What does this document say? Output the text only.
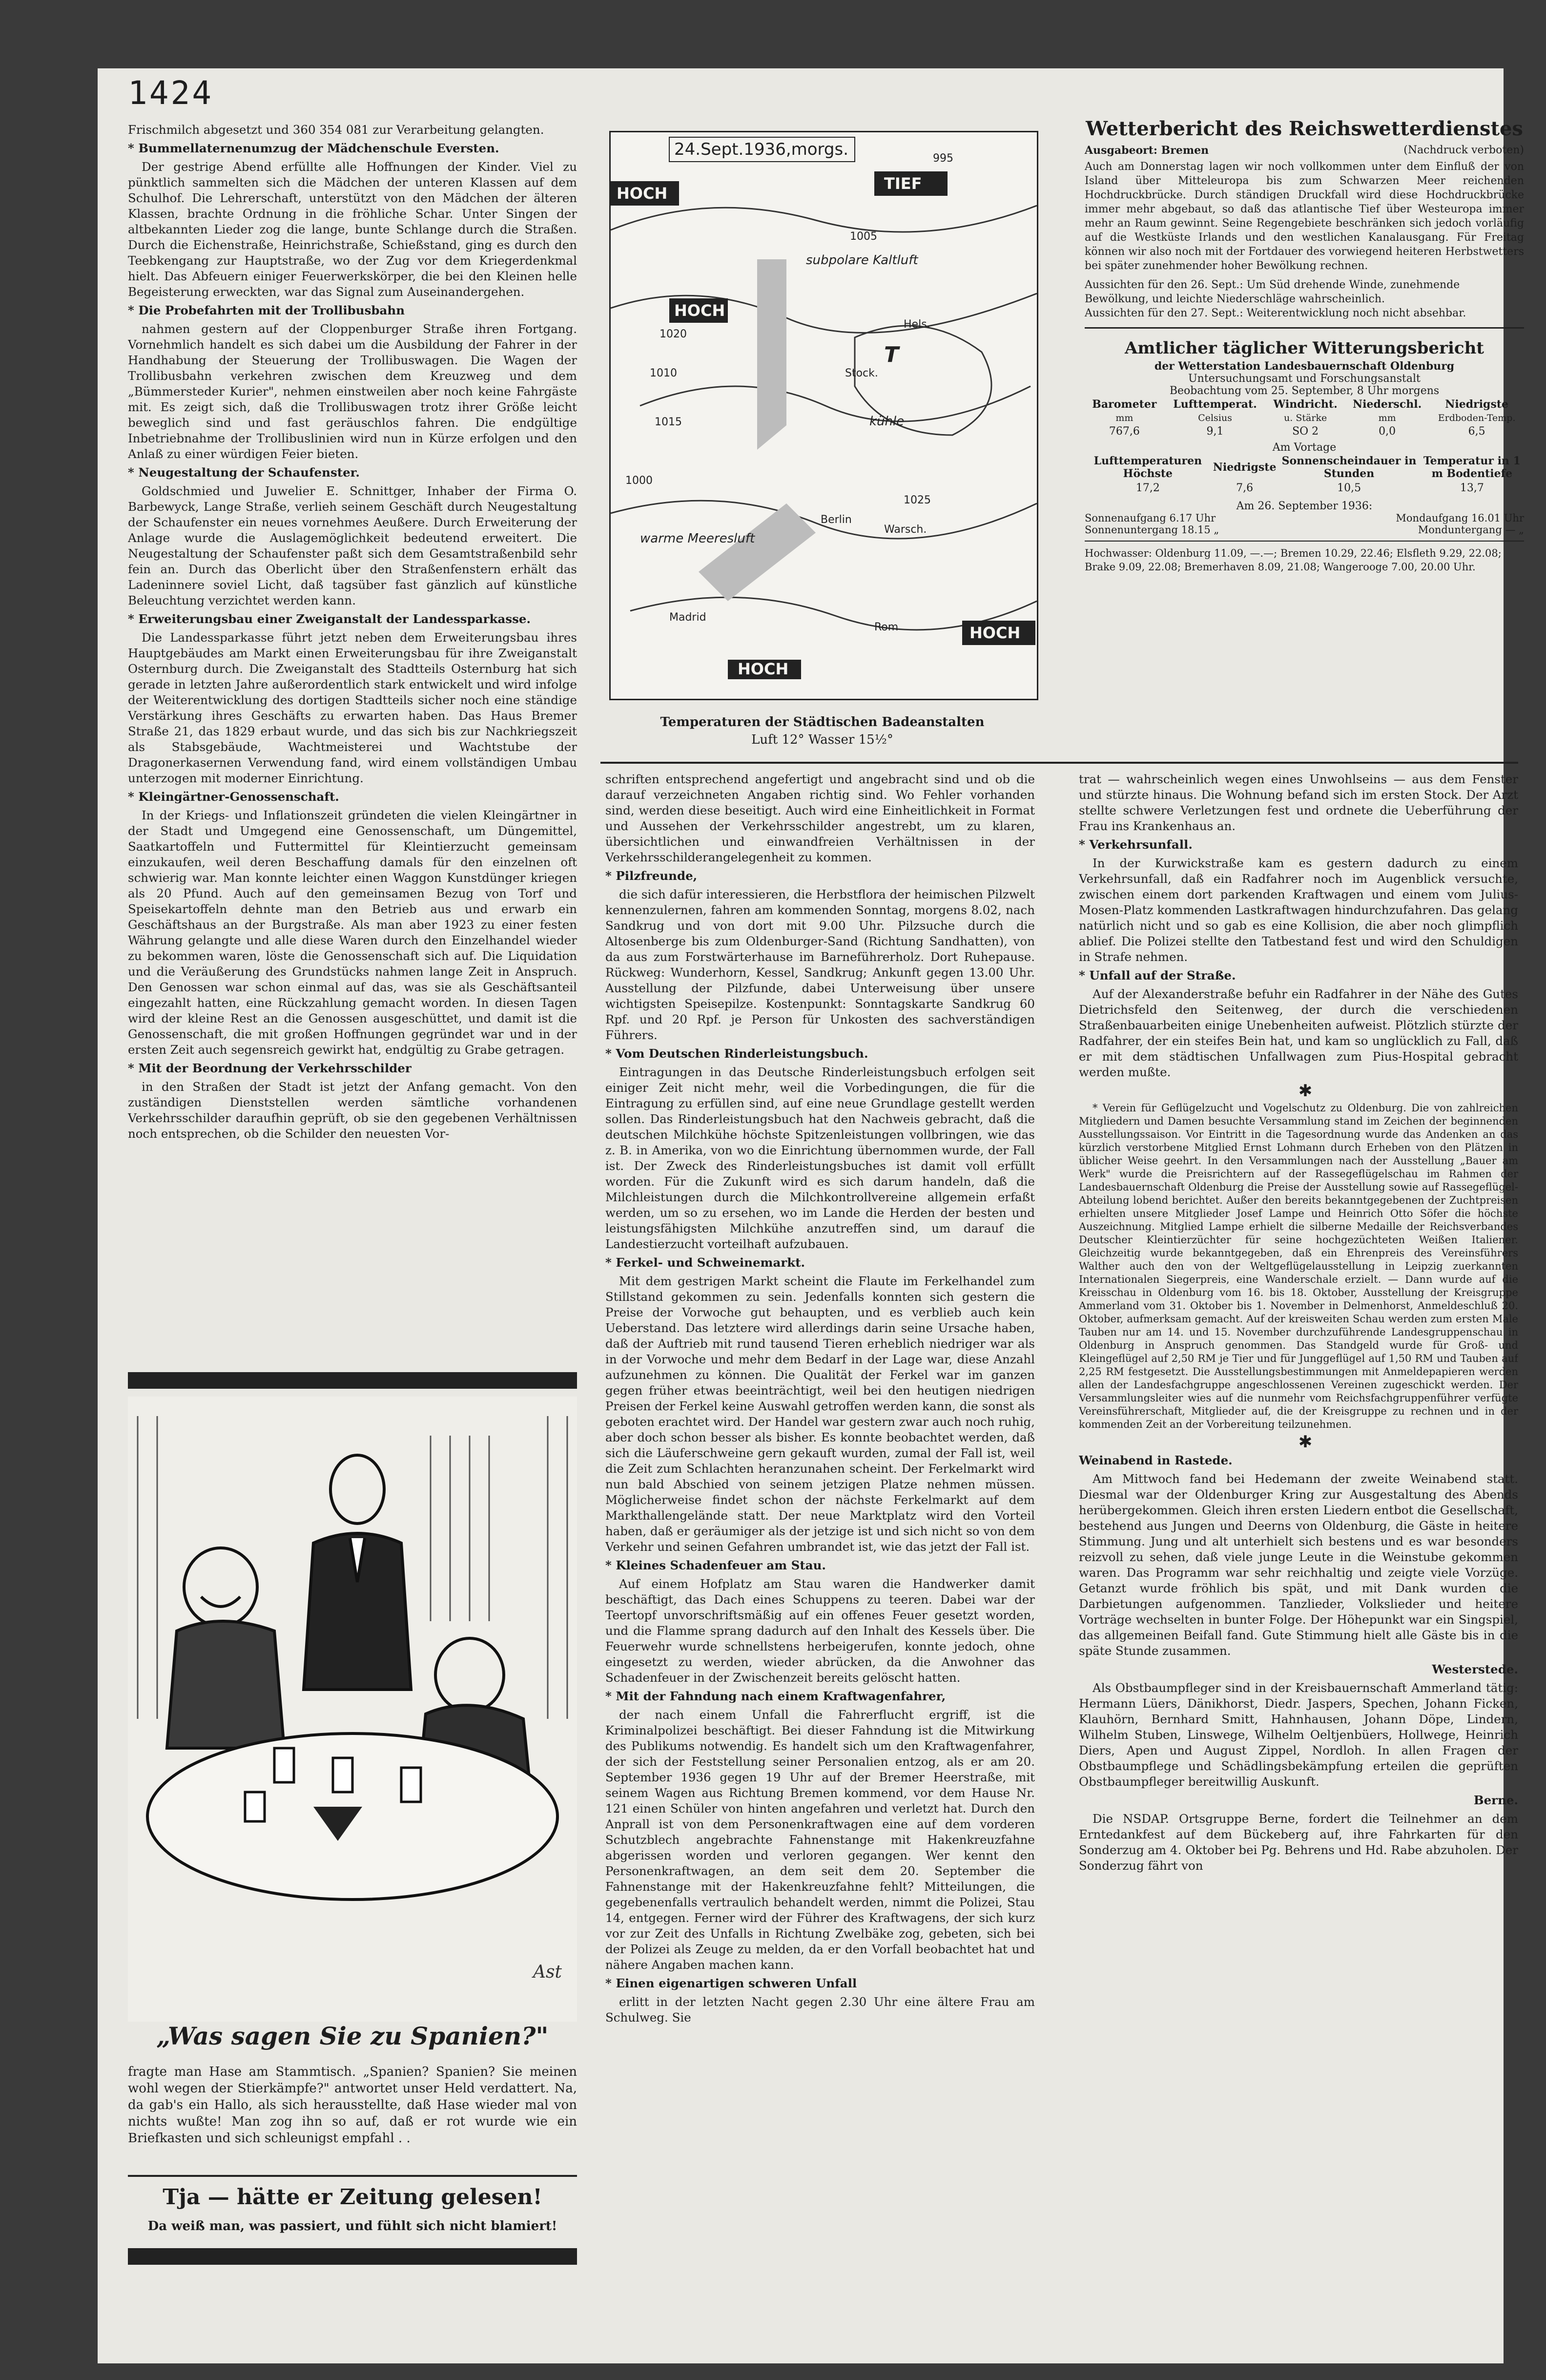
1424

Frischmilch abgesetzt und 360 354 081 zur Verarbeitung gelangten.

* Bummellaternenumzug der Mädchenschule Eversten.

Der gestrige Abend erfüllte alle Hoffnungen der Kinder. Viel zu pünktlich sammelten sich die Mädchen der unteren Klassen auf dem Schulhof. Die Lehrerschaft, unterstützt von den Mädchen der älteren Klassen, brachte Ordnung in die fröhliche Schar. Unter Singen der altbekannten Lieder zog die lange, bunte Schlange durch die Straßen. Durch die Eichenstraße, Heinrichstraße, Schießstand, ging es durch den Teebkengang zur Hauptstraße, wo der Zug vor dem Kriegerdenkmal hielt. Das Abfeuern einiger Feuerwerkskörper, die bei den Kleinen helle Begeisterung erweckten, war das Signal zum Auseinandergehen.

* Die Probefahrten mit der Trollibusbahn

nahmen gestern auf der Cloppenburger Straße ihren Fortgang. Vornehmlich handelt es sich dabei um die Ausbildung der Fahrer in der Handhabung der Steuerung der Trollibuswagen. Die Wagen der Trollibusbahn verkehren zwischen dem Kreuzweg und dem „Bümmersteder Kurier", nehmen einstweilen aber noch keine Fahrgäste mit. Es zeigt sich, daß die Trollibuswagen trotz ihrer Größe leicht beweglich sind und fast geräuschlos fahren. Die endgültige Inbetriebnahme der Trollibuslinien wird nun in Kürze erfolgen und den Anlaß zu einer würdigen Feier bieten.

* Neugestaltung der Schaufenster.

Goldschmied und Juwelier E. Schnittger, Inhaber der Firma O. Barbewyck, Lange Straße, verlieh seinem Geschäft durch Neugestaltung der Schaufenster ein neues vornehmes Aeußere. Durch Erweiterung der Anlage wurde die Auslagemöglichkeit bedeutend erweitert. Die Neugestaltung der Schaufenster paßt sich dem Gesamtstraßenbild sehr fein an. Durch das Oberlicht über den Straßenfenstern erhält das Ladeninnere soviel Licht, daß tagsüber fast gänzlich auf künstliche Beleuchtung verzichtet werden kann.

* Erweiterungsbau einer Zweiganstalt der Landessparkasse.

Die Landessparkasse führt jetzt neben dem Erweiterungsbau ihres Hauptgebäudes am Markt einen Erweiterungsbau für ihre Zweiganstalt Osternburg durch. Die Zweiganstalt des Stadtteils Osternburg hat sich gerade in letzten Jahre außerordentlich stark entwickelt und wird infolge der Weiterentwicklung des dortigen Stadtteils sicher noch eine ständige Verstärkung ihres Geschäfts zu erwarten haben. Das Haus Bremer Straße 21, das 1829 erbaut wurde, und das sich bis zur Nachkriegszeit als Stabsgebäude, Wachtmeisterei und Wachtstube der Dragonerkasernen Verwendung fand, wird einem vollständigen Umbau unterzogen mit moderner Einrichtung.

* Kleingärtner-Genossenschaft.

In der Kriegs- und Inflationszeit gründeten die vielen Kleingärtner in der Stadt und Umgegend eine Genossenschaft, um Düngemittel, Saatkartoffeln und Futtermittel für Kleintierzucht gemeinsam einzukaufen, weil deren Beschaffung damals für den einzelnen oft schwierig war. Man konnte leichter einen Waggon Kunstdünger kriegen als 20 Pfund. Auch auf den gemeinsamen Bezug von Torf und Speisekartoffeln dehnte man den Betrieb aus und erwarb ein Geschäftshaus an der Burgstraße. Als man aber 1923 zu einer festen Währung gelangte und alle diese Waren durch den Einzelhandel wieder zu bekommen waren, löste die Genossenschaft sich auf. Die Liquidation und die Veräußerung des Grundstücks nahmen lange Zeit in Anspruch. Den Genossen war schon einmal auf das, was sie als Geschäftsanteil eingezahlt hatten, eine Rückzahlung gemacht worden. In diesen Tagen wird der kleine Rest an die Genossen ausgeschüttet, und damit ist die Genossenschaft, die mit großen Hoffnungen gegründet war und in der ersten Zeit auch segensreich gewirkt hat, endgültig zu Grabe getragen.

* Mit der Beordnung der Verkehrsschilder

in den Straßen der Stadt ist jetzt der Anfang gemacht. Von den zuständigen Dienststellen werden sämtliche vorhandenen Verkehrsschilder daraufhin geprüft, ob sie den gegebenen Verhältnissen noch entsprechen, ob die Schilder den neuesten Vor-

Ast
„Was sagen Sie zu Spanien?"
fragte man Hase am Stammtisch. „Spanien? Spanien? Sie meinen wohl wegen der Stierkämpfe?" antwortet unser Held verdattert. Na, da gab's ein Hallo, als sich herausstellte, daß Hase wieder mal von nichts wußte! Man zog ihn so auf, daß er rot wurde wie ein Briefkasten und sich schleunigst empfahl . .
Tja — hätte er Zeitung gelesen!
Da weiß man, was passiert, und fühlt sich nicht blamiert!
HOCH
TIEF
HOCH
HOCH
HOCH
subpolare Kaltluft
T
kühle
warme Meeresluft
1005
1010
1015
1020
1025
995
1000
Berlin
Madrid
Rom
Warsch.
Hels.
Stock.
24.Sept.1936,morgs.
Temperaturen der Städtischen Badeanstalten
Luft 12° Wasser 15½°

schriften entsprechend angefertigt und angebracht sind und ob die darauf verzeichneten Angaben richtig sind. Wo Fehler vorhanden sind, werden diese beseitigt. Auch wird eine Einheitlichkeit in Format und Aussehen der Verkehrsschilder angestrebt, um zu klaren, übersichtlichen und einwandfreien Verhältnissen in der Verkehrsschilderangelegenheit zu kommen.

* Pilzfreunde,

die sich dafür interessieren, die Herbstflora der heimischen Pilzwelt kennenzulernen, fahren am kommenden Sonntag, morgens 8.02, nach Sandkrug und von dort mit 9.00 Uhr. Pilzsuche durch die Altosenberge bis zum Oldenburger-Sand (Richtung Sandhatten), von da aus zum Forstwärterhause im Barneführerholz. Dort Ruhepause. Rückweg: Wunderhorn, Kessel, Sandkrug; Ankunft gegen 13.00 Uhr. Ausstellung der Pilzfunde, dabei Unterweisung über unsere wichtigsten Speisepilze. Kostenpunkt: Sonntagskarte Sandkrug 60 Rpf. und 20 Rpf. je Person für Unkosten des sachverständigen Führers.

* Vom Deutschen Rinderleistungsbuch.

Eintragungen in das Deutsche Rinderleistungsbuch erfolgen seit einiger Zeit nicht mehr, weil die Vorbedingungen, die für die Eintragung zu erfüllen sind, auf eine neue Grundlage gestellt werden sollen. Das Rinderleistungsbuch hat den Nachweis gebracht, daß die deutschen Milchkühe höchste Spitzenleistungen vollbringen, wie das z. B. in Amerika, von wo die Einrichtung übernommen wurde, der Fall ist. Der Zweck des Rinderleistungsbuches ist damit voll erfüllt worden. Für die Zukunft wird es sich darum handeln, daß die Milchleistungen durch die Milchkontrollvereine allgemein erfaßt werden, um so zu ersehen, wo im Lande die Herden der besten und leistungsfähigsten Milchkühe anzutreffen sind, um darauf die Landestierzucht vorteilhaft aufzubauen.

* Ferkel- und Schweinemarkt.

Mit dem gestrigen Markt scheint die Flaute im Ferkelhandel zum Stillstand gekommen zu sein. Jedenfalls konnten sich gestern die Preise der Vorwoche gut behaupten, und es verblieb auch kein Ueberstand. Das letztere wird allerdings darin seine Ursache haben, daß der Auftrieb mit rund tausend Tieren erheblich niedriger war als in der Vorwoche und mehr dem Bedarf in der Lage war, diese Anzahl aufzunehmen zu können. Die Qualität der Ferkel war im ganzen gegen früher etwas beeinträchtigt, weil bei den heutigen niedrigen Preisen der Ferkel keine Auswahl getroffen werden kann, die sonst als geboten erachtet wird. Der Handel war gestern zwar auch noch ruhig, aber doch schon besser als bisher. Es konnte beobachtet werden, daß sich die Läuferschweine gern gekauft wurden, zumal der Fall ist, weil die Zeit zum Schlachten heranzunahen scheint. Der Ferkelmarkt wird nun bald Abschied von seinem jetzigen Platze nehmen müssen. Möglicherweise findet schon der nächste Ferkelmarkt auf dem Markthallengelände statt. Der neue Marktplatz wird den Vorteil haben, daß er geräumiger als der jetzige ist und sich nicht so von dem Verkehr und seinen Gefahren umbrandet ist, wie das jetzt der Fall ist.

* Kleines Schadenfeuer am Stau.

Auf einem Hofplatz am Stau waren die Handwerker damit beschäftigt, das Dach eines Schuppens zu teeren. Dabei war der Teertopf unvorschriftsmäßig auf ein offenes Feuer gesetzt worden, und die Flamme sprang dadurch auf den Inhalt des Kessels über. Die Feuerwehr wurde schnellstens herbeigerufen, konnte jedoch, ohne eingesetzt zu werden, wieder abrücken, da die Anwohner das Schadenfeuer in der Zwischenzeit bereits gelöscht hatten.

* Mit der Fahndung nach einem Kraftwagenfahrer,

der nach einem Unfall die Fahrerflucht ergriff, ist die Kriminalpolizei beschäftigt. Bei dieser Fahndung ist die Mitwirkung des Publikums notwendig. Es handelt sich um den Kraftwagenfahrer, der sich der Feststellung seiner Personalien entzog, als er am 20. September 1936 gegen 19 Uhr auf der Bremer Heerstraße, mit seinem Wagen aus Richtung Bremen kommend, vor dem Hause Nr. 121 einen Schüler von hinten angefahren und verletzt hat. Durch den Anprall ist von dem Personenkraftwagen eine auf dem vorderen Schutzblech angebrachte Fahnenstange mit Hakenkreuzfahne abgerissen worden und verloren gegangen. Wer kennt den Personenkraftwagen, an dem seit dem 20. September die Fahnenstange mit der Hakenkreuzfahne fehlt? Mitteilungen, die gegebenenfalls vertraulich behandelt werden, nimmt die Polizei, Stau 14, entgegen. Ferner wird der Führer des Kraftwagens, der sich kurz vor zur Zeit des Unfalls in Richtung Zwelbäke zog, gebeten, sich bei der Polizei als Zeuge zu melden, da er den Vorfall beobachtet hat und nähere Angaben machen kann.

* Einen eigenartigen schweren Unfall

erlitt in der letzten Nacht gegen 2.30 Uhr eine ältere Frau am Schulweg. Sie

Wetterbericht des Reichswetterdienstes
Ausgabeort: Bremen	(Nachdruck verboten)
Auch am Donnerstag lagen wir noch vollkommen unter dem Einfluß der von Island über Mitteleuropa bis zum Schwarzen Meer reichenden Hochdruckbrücke. Durch ständigen Druckfall wird diese Hochdruckbrücke immer mehr abgebaut, so daß das atlantische Tief über Westeuropa immer mehr an Raum gewinnt. Seine Regengebiete beschränken sich jedoch vorläufig auf die Westküste Irlands und den westlichen Kanalausgang. Für Freitag können wir also noch mit der Fortdauer des vorwiegend heiteren Herbstwetters bei später zunehmender hoher Bewölkung rechnen.
Aussichten für den 26. Sept.: Um Süd drehende Winde, zunehmende Bewölkung, und leichte Niederschläge wahrscheinlich.
Aussichten für den 27. Sept.: Weiterentwicklung noch nicht absehbar.
Amtlicher täglicher Witterungsbericht
der Wetterstation Landesbauernschaft Oldenburg
Untersuchungsamt und Forschungsanstalt
Beobachtung vom 25. September, 8 Uhr morgens
Barometer	Lufttemperat.	Windricht.	Niederschl.	Niedrigste
mm	Celsius	u. Stärke	mm	Erdboden-Temp.
767,6	9,1	SO 2	0,0	6,5
Am Vortage
Lufttemperaturen Höchste	Niedrigste	Sonnenscheindauer in Stunden	Temperatur in 1 m Bodentiefe
17,2	7,6	10,5	13,7
Am 26. September 1936:
Sonnenaufgang 6.17 Uhr	Mondaufgang 16.01 Uhr
Sonnenuntergang 18.15 „	Monduntergang — „
Hochwasser: Oldenburg 11.09, —.—; Bremen 10.29, 22.46; Elsfleth 9.29, 22.08; Brake 9.09, 22.08; Bremerhaven 8.09, 21.08; Wangerooge 7.00, 20.00 Uhr.

trat — wahrscheinlich wegen eines Unwohlseins — aus dem Fenster und stürzte hinaus. Die Wohnung befand sich im ersten Stock. Der Arzt stellte schwere Verletzungen fest und ordnete die Ueberführung der Frau ins Krankenhaus an.

* Verkehrsunfall.

In der Kurwickstraße kam es gestern dadurch zu einem Verkehrsunfall, daß ein Radfahrer noch im Augenblick versuchte, zwischen einem dort parkenden Kraftwagen und einem vom Julius-Mosen-Platz kommenden Lastkraftwagen hindurchzufahren. Das gelang natürlich nicht und so gab es eine Kollision, die aber noch glimpflich ablief. Die Polizei stellte den Tatbestand fest und wird den Schuldigen in Strafe nehmen.

* Unfall auf der Straße.

Auf der Alexanderstraße befuhr ein Radfahrer in der Nähe des Gutes Dietrichsfeld den Seitenweg, der durch die verschiedenen Straßenbauarbeiten einige Unebenheiten aufweist. Plötzlich stürzte der Radfahrer, der ein steifes Bein hat, und kam so unglücklich zu Fall, daß er mit dem städtischen Unfallwagen zum Pius-Hospital gebracht werden mußte.

✱

* Verein für Geflügelzucht und Vogelschutz zu Oldenburg. Die von zahlreichen Mitgliedern und Damen besuchte Versammlung stand im Zeichen der beginnenden Ausstellungssaison. Vor Eintritt in die Tagesordnung wurde das Andenken an das kürzlich verstorbene Mitglied Ernst Lohmann durch Erheben von den Plätzen in üblicher Weise geehrt. In den Versammlungen nach der Ausstellung „Bauer am Werk" wurde die Preisrichtern auf der Rassegeflügelschau im Rahmen der Landesbauernschaft Oldenburg die Preise der Ausstellung sowie auf Rassegeflügel-Abteilung lobend berichtet. Außer den bereits bekanntgegebenen der Zuchtpreisen erhielten unsere Mitglieder Josef Lampe und Heinrich Otto Söfer die höchste Auszeichnung. Mitglied Lampe erhielt die silberne Medaille der Reichsverbandes Deutscher Kleintierzüchter für seine hochgezüchteten Weißen Italiener. Gleichzeitig wurde bekanntgegeben, daß ein Ehrenpreis des Vereinsführers Walther auch den von der Weltgeflügelausstellung in Leipzig zuerkannten Internationalen Siegerpreis, eine Wanderschale erzielt. — Dann wurde auf die Kreisschau in Oldenburg vom 16. bis 18. Oktober, Ausstellung der Kreisgruppe Ammerland vom 31. Oktober bis 1. November in Delmenhorst, Anmeldeschluß 20. Oktober, aufmerksam gemacht. Auf der kreisweiten Schau werden zum ersten Male Tauben nur am 14. und 15. November durchzuführende Landesgruppenschau in Oldenburg in Anspruch genommen. Das Standgeld wurde für Groß- und Kleingeflügel auf 2,50 RM je Tier und für Junggeflügel auf 1,50 RM und Tauben auf 2,25 RM festgesetzt. Die Ausstellungsbestimmungen mit Anmeldepapieren werden allen der Landesfachgruppe angeschlossenen Vereinen zugeschickt werden. Der Versammlungsleiter wies auf die nunmehr vom Reichsfachgruppenführer verfügte Vereinsführerschaft, Mitglieder auf, die der Kreisgruppe zu rechnen und in der kommenden Zeit an der Vorbereitung teilzunehmen.

✱

Weinabend in Rastede.

Am Mittwoch fand bei Hedemann der zweite Weinabend statt. Diesmal war der Oldenburger Kring zur Ausgestaltung des Abends herübergekommen. Gleich ihren ersten Liedern entbot die Gesellschaft, bestehend aus Jungen und Deerns von Oldenburg, die Gäste in heitere Stimmung. Jung und alt unterhielt sich bestens und es war besonders reizvoll zu sehen, daß viele junge Leute in die Weinstube gekommen waren. Das Programm war sehr reichhaltig und zeigte viele Vorzüge. Getanzt wurde fröhlich bis spät, und mit Dank wurden die Darbietungen aufgenommen. Tanzlieder, Volkslieder und heitere Vorträge wechselten in bunter Folge. Der Höhepunkt war ein Singspiel, das allgemeinen Beifall fand. Gute Stimmung hielt alle Gäste bis in die späte Stunde zusammen.

Westerstede.

Als Obstbaumpfleger sind in der Kreisbauernschaft Ammerland tätig: Hermann Lüers, Dänikhorst, Diedr. Jaspers, Spechen, Johann Ficken, Klauhörn, Bernhard Smitt, Hahnhausen, Johann Döpe, Lindern, Wilhelm Stuben, Linswege, Wilhelm Oeltjenbüers, Hollwege, Heinrich Diers, Apen und August Zippel, Nordloh. In allen Fragen der Obstbaumpflege und Schädlingsbekämpfung erteilen die geprüften Obstbaumpfleger bereitwillig Auskunft.

Berne.

Die NSDAP. Ortsgruppe Berne, fordert die Teilnehmer an dem Erntedankfest auf dem Bückeberg auf, ihre Fahrkarten für den Sonderzug am 4. Oktober bei Pg. Behrens und Hd. Rabe abzuholen. Der Sonderzug fährt von
